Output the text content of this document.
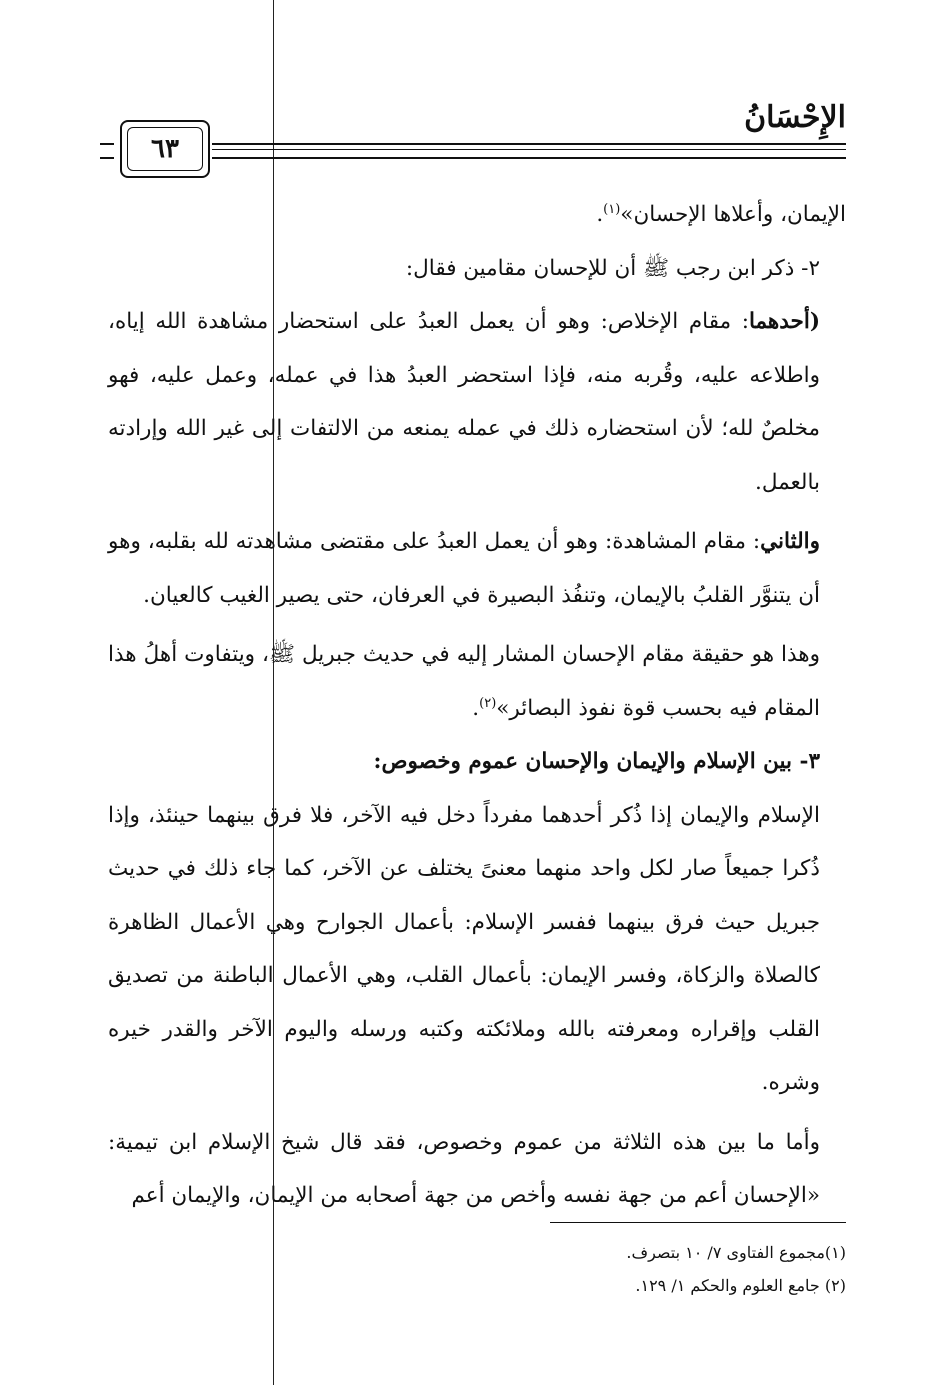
الإِحْسَانُ
٦٣

الإيمان، وأعلاها الإحسان»$^{(١)}$.

٢- ذكر ابن رجب ﷺ أن للإحسان مقامين فقال:

(أحدهما: مقام الإخلاص: وهو أن يعمل العبدُ على استحضار مشاهدة الله إياه، واطلاعه عليه، وقُربه منه، فإذا استحضر العبدُ هذا في عمله، وعمل عليه، فهو مخلصٌ لله؛ لأن استحضاره ذلك في عمله يمنعه من الالتفات إلى غير الله وإرادته بالعمل.

والثاني: مقام المشاهدة: وهو أن يعمل العبدُ على مقتضى مشاهدته لله بقلبه، وهو أن يتنوَّر القلبُ بالإيمان، وتنفُذ البصيرة في العرفان، حتى يصير الغيب كالعيان.

وهذا هو حقيقة مقام الإحسان المشار إليه في حديث جبريل ﷺ، ويتفاوت أهلُ هذا المقام فيه بحسب قوة نفوذ البصائر»$^{(٢)}$.

٣- بين الإسلام والإيمان والإحسان عموم وخصوص:

الإسلام والإيمان إذا ذُكر أحدهما مفرداً دخل فيه الآخر، فلا فرق بينهما حينئذ، وإذا ذُكرا جميعاً صار لكل واحد منهما معنىً يختلف عن الآخر، كما جاء ذلك في حديث جبريل حيث فرق بينهما ففسر الإسلام: بأعمال الجوارح وهي الأعمال الظاهرة كالصلاة والزكاة، وفسر الإيمان: بأعمال القلب، وهي الأعمال الباطنة من تصديق القلب وإقراره ومعرفته بالله وملائكته وكتبه ورسله واليوم الآخر والقدر خيره وشره.

وأما ما بين هذه الثلاثة من عموم وخصوص، فقد قال شيخ الإسلام ابن تيمية: «الإحسان أعم من جهة نفسه وأخص من جهة أصحابه من الإيمان، والإيمان أعم

(١)مجموع الفتاوى ٧/ ١٠ بتصرف.

(٢) جامع العلوم والحكم ١/ ١٢٩.
